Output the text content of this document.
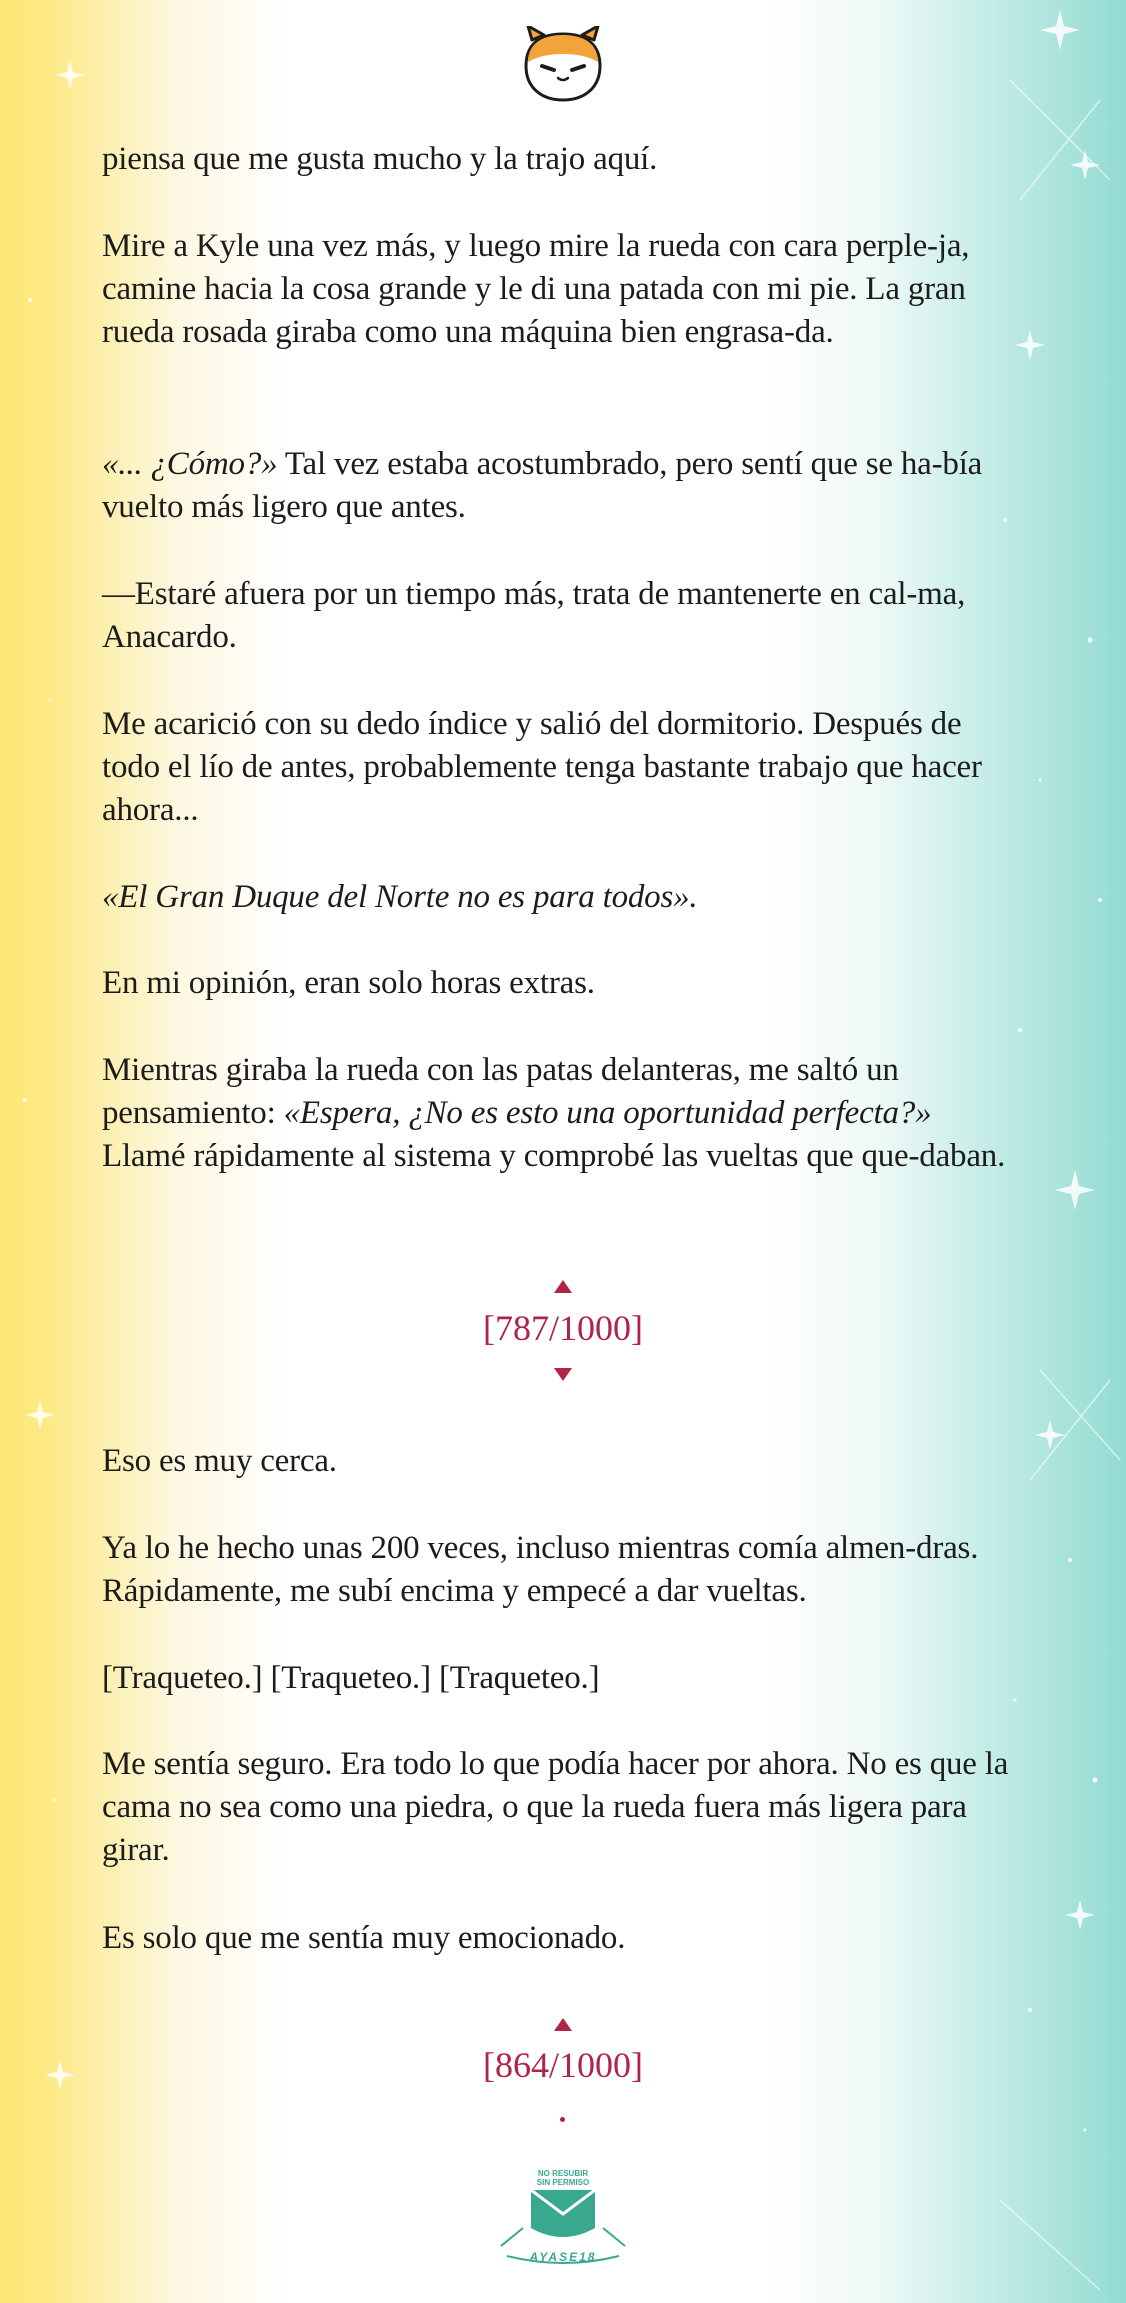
piensa que me gusta mucho y la trajo aquí.

Mire a Kyle una vez más, y luego mire la rueda con cara perple-ja, camine hacia la cosa grande y le di una patada con mi pie. La gran rueda rosada giraba como una máquina bien engrasa-da.

«... ¿Cómo?» Tal vez estaba acostumbrado, pero sentí que se ha-bía vuelto más ligero que antes.

—Estaré afuera por un tiempo más, trata de mantenerte en cal-ma, Anacardo.

Me acarició con su dedo índice y salió del dormitorio. Después de todo el lío de antes, probablemente tenga bastante trabajo que hacer ahora...

«El Gran Duque del Norte no es para todos».

En mi opinión, eran solo horas extras.

Mientras giraba la rueda con las patas delanteras, me saltó un pensamiento: «Espera, ¿No es esto una oportunidad perfecta?» Llamé rápidamente al sistema y comprobé las vueltas que que-daban.

[787/1000]

Eso es muy cerca.

Ya lo he hecho unas 200 veces, incluso mientras comía almen-dras. Rápidamente, me subí encima y empecé a dar vueltas.

[Traqueteo.] [Traqueteo.] [Traqueteo.]

Me sentía seguro. Era todo lo que podía hacer por ahora. No es que la cama no sea como una piedra, o que la rueda fuera más ligera para girar.

Es solo que me sentía muy emocionado.

[864/1000]
NO RESUBIR
SIN PERMISO
AYASE18
